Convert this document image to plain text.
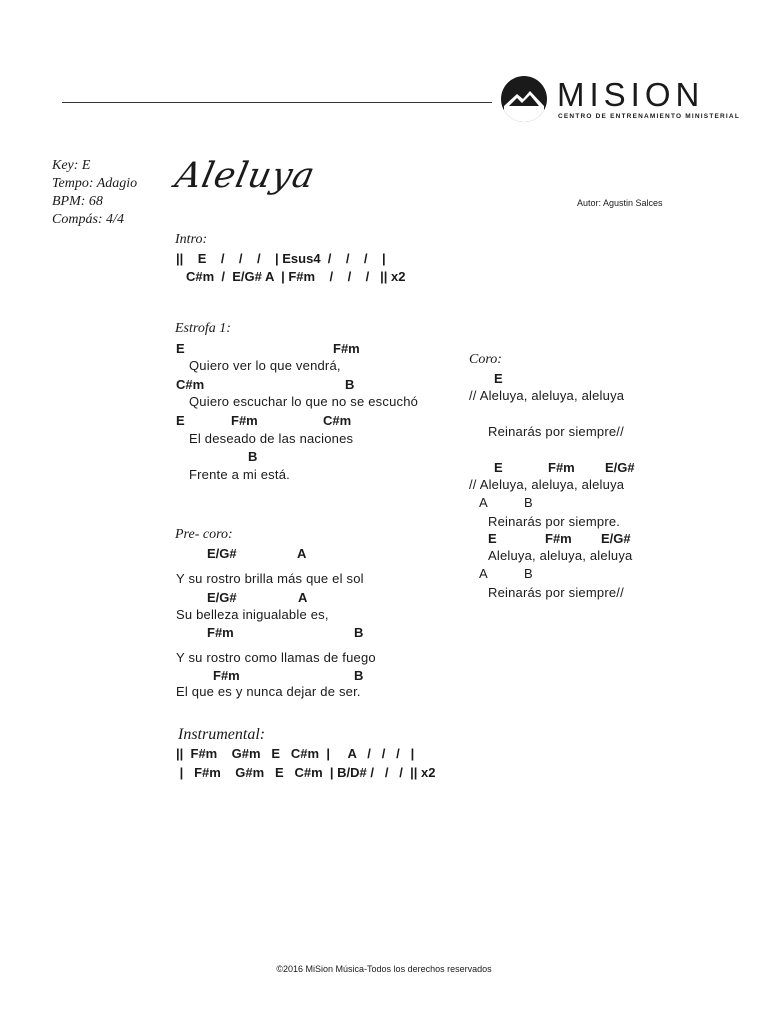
MISION
CENTRO DE ENTRENAMIENTO MINISTERIAL
Key: E
Tempo: Adagio
BPM: 68
Compás: 4/4
Aleluya
Autor: Agustin Salces
Intro:
||    E    /    /    /    | Esus4  /    /    /    |
C#m  /  E/G# A  | F#m    /    /    /   || x2
Estrofa 1:
E	F#m
Quiero ver lo que vendrá,
C#m	B
Quiero escuchar lo que no se escuchó
E	F#m	C#m
El deseado de las naciones
B
Frente a mi está.
Pre- coro:
E/G#	A
Y su rostro brilla más que el sol
E/G#	A
Su belleza inigualable es,
F#m	B
Y su rostro como llamas de fuego
F#m	B
El que es y nunca dejar de ser.
Instrumental:
||  F#m    G#m   E   C#m  |     A   /   /   /   |
|   F#m    G#m   E   C#m  | B/D# /   /   /  || x2
Coro:
E
// Aleluya, aleluya, aleluya
Reinarás por siempre//
E	F#m E/G#
// Aleluya, aleluya, aleluya
A	B
Reinarás por siempre.
E	F#m E/G#
Aleluya, aleluya, aleluya
A	B
Reinarás por siempre//
©2016 MiSion Música-Todos los derechos reservados
